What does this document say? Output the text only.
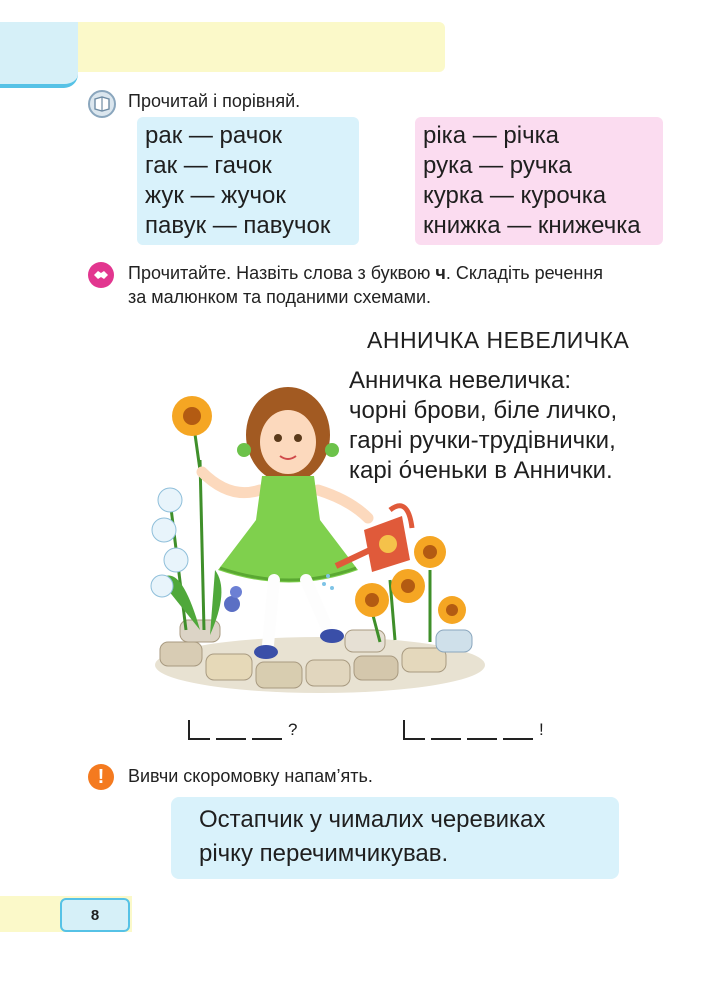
Прочитай і порівняй.
рак — рачок
гак — гачок
жук — жучок
павук — павучок
ріка — річка
рука — ручка
курка — курочка
книжка — книжечка
Прочитайте. Назвіть слова з буквою ч. Складіть речення
за малюнком та поданими схемами.
АННИЧКА НЕВЕЛИЧКА
Анничка невеличка:
чорні брови, біле личко,
гарні ручки-трудівнички,
карі óченьки в Аннички.
?	!
!	Вивчи скоромовку напам’ять.
Остапчик у чималих черевиках
річку перечимчикував.
8
